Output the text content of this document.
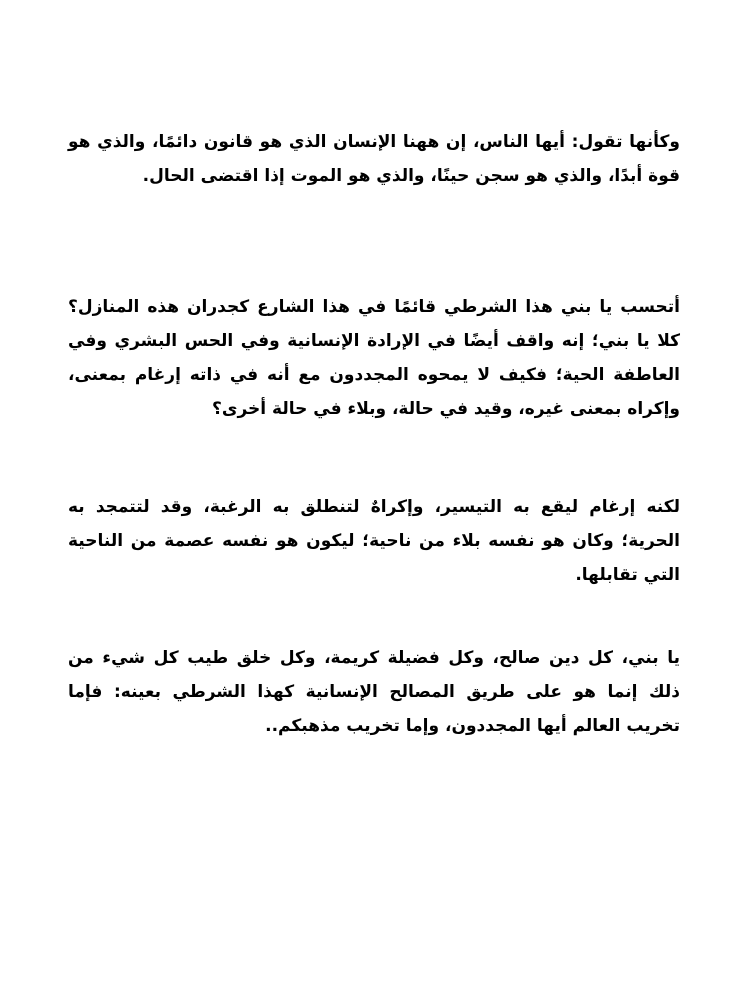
وكأنها تقول: أيها الناس، إن ههنا الإنسان الذي هو قانون دائمًا، والذي هو قوة أبدًا، والذي هو سجن حينًا، والذي هو الموت إذا اقتضى الحال.

أتحسب يا بني هذا الشرطي قائمًا في هذا الشارع كجدران هذه المنازل؟ كلا يا بني؛ إنه واقف أيضًا في الإرادة الإنسانية وفي الحس البشري وفي العاطفة الحية؛ فكيف لا يمحوه المجددون مع أنه في ذاته إرغام بمعنى، وإكراه بمعنى غيره، وقيد في حالة، وبلاء في حالة أخرى؟

لكنه إرغام ليقع به التيسير، وإكراهٌ لتنطلق به الرغبة، وقد لتتمجد به الحرية؛ وكان هو نفسه بلاء من ناحية؛ ليكون هو نفسه عصمة من الناحية التي تقابلها.

يا بني، كل دين صالح، وكل فضيلة كريمة، وكل خلق طيب كل شيء من ذلك إنما هو على طريق المصالح الإنسانية كهذا الشرطي بعينه: فإما تخريب العالم أيها المجددون، وإما تخريب مذهبكم..
